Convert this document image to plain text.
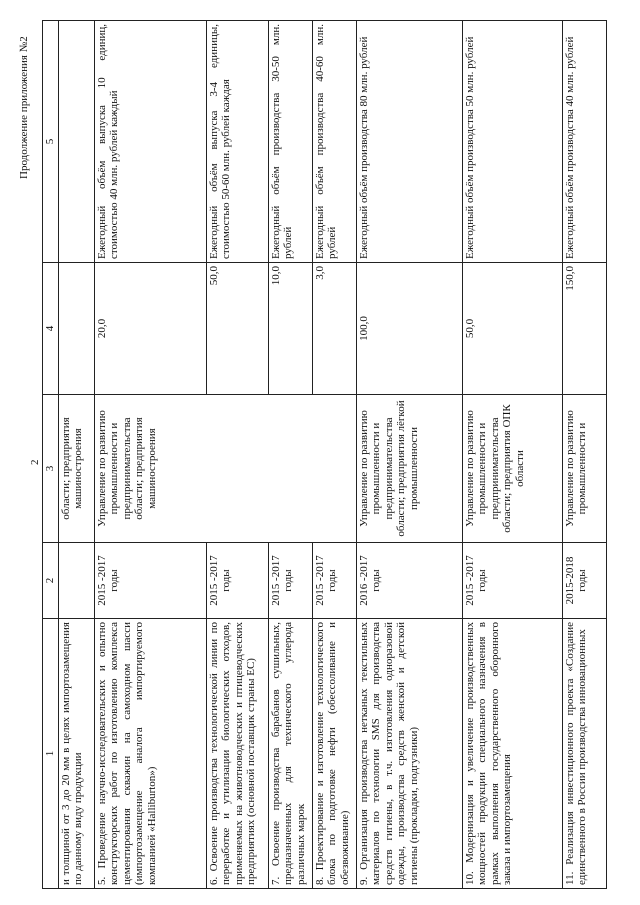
2
Продолжение приложения №2
1	2	3	4	5
и толщиной от 3 до 20 мм в целях импортозамещения по данному виду продукции		области; предприятия машиностроения		
5. Проведение научно-исследовательских и опытно конструкторских работ по изготовлению комплекса цементирования скважин на самоходном шасси (импортозамещение аналога импортируемого компанией «Halliburton»)	2015 -2017 годы	Управление по развитию промышленности и предпринимательства области; предприятия машиностроения	20,0	Ежегодный объём выпуска 10 единиц, стоимостью 40 млн. рублей каждый
6. Освоение производства технологической линии по переработке и утилизации биологических отходов, применяемых на животноводческих и птицеводческих предприятиях (основной поставщик страны ЕС)	2015 -2017 годы		50,0	Ежегодный объём выпуска 3-4 единицы, стоимостью 50-60 млн. рублей каждая
7. Освоение производства барабанов сушильных, предназначенных для технического углерода различных марок	2015 -2017 годы		10,0	Ежегодный объём производства 30-50 млн. рублей
8. Проектирование и изготовление технологического блока по подготовке нефти (обессоливание и обезвоживание)	2015 -2017 годы		3,0	Ежегодный объём производства 40-60 млн. рублей
9. Организация производства нетканых текстильных материалов по технологии SMS для производства средств гигиены, в т.ч. изготовления одноразовой одежды, производства средств женской и детской гигиены (прокладки, подгузники)	2016 -2017 годы	Управление по развитию промышленности и предпринимательства области; предприятия лёгкой промышленности	100,0	Ежегодный объём производства 80 млн. рублей
10. Модернизация и увеличение производственных мощностей продукции специального назначения в рамках выполнения государственного оборонного заказа и импортозамещения	2015 -2017 годы	Управление по развитию промышленности и предпринимательства области; предприятия ОПК области	50,0	Ежегодный объём производства 50 млн. рублей
11. Реализация инвестиционного проекта «Создание единственного в России производства инновационных	2015-2018 годы	Управление по развитию промышленности и	150,0	Ежегодный объём производства 40 млн. рублей
